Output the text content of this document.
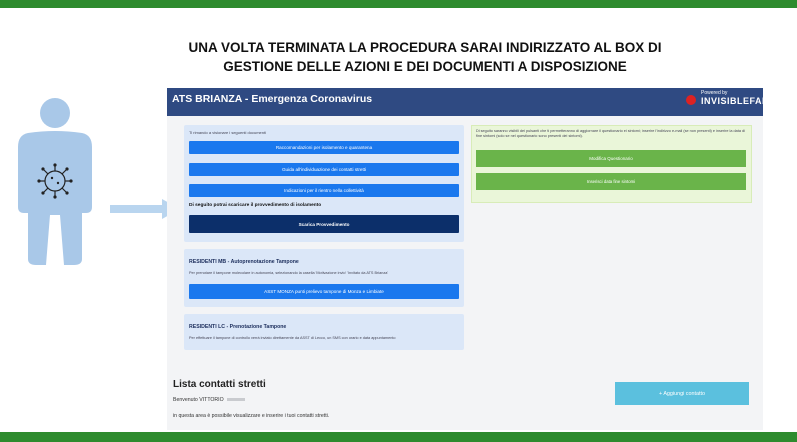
UNA VOLTA TERMINATA LA PROCEDURA SARAI INDIRIZZATO AL BOX DI
GESTIONE DELLE AZIONI E DEI DOCUMENTI A DISPOSIZIONE
ATS BRIANZA - Emergenza Coronavirus	Powered by
INVISIBLEFARM
Ti rimando a visionare i seguenti documenti
Raccomandazioni per isolamento e quarantena
Guida all'individuazione dei contatti stretti
Indicazioni per il rientro nella collettività
Di seguito potrai scaricare il provvedimento di isolamento
Scarica Provvedimento
Di seguito saranno visibili dei pulsanti che ti permetteranno di aggiornare il questionario ei sintomi; inserire l'indirizzo e-mail (se non presenti) e inserire la data di fine sintomi (solo se nel questionario sono presenti dei sintomi).
Modifica Questionario
Inserisci data fine sintomi
RESIDENTI MB - Autoprenotazione Tampone
Per prenotare il tampone molecolare in autonomia, selezionando la casella 'Motivazione invio' 'Invitato da ATS Brianza'
ASST MONZA punti prelievo tampone di Monza e Limbiate
RESIDENTI LC - Prenotazione Tampone
Per effettuare il tampone di controllo verrà inviato direttamente da ASST di Lecco, un SMS con orario e data appuntamento
Lista contatti stretti
Benvenuto VITTORIO
in questa area è possibile visualizzare e inserire i tuoi contatti stretti.
+ Aggiungi contatto
